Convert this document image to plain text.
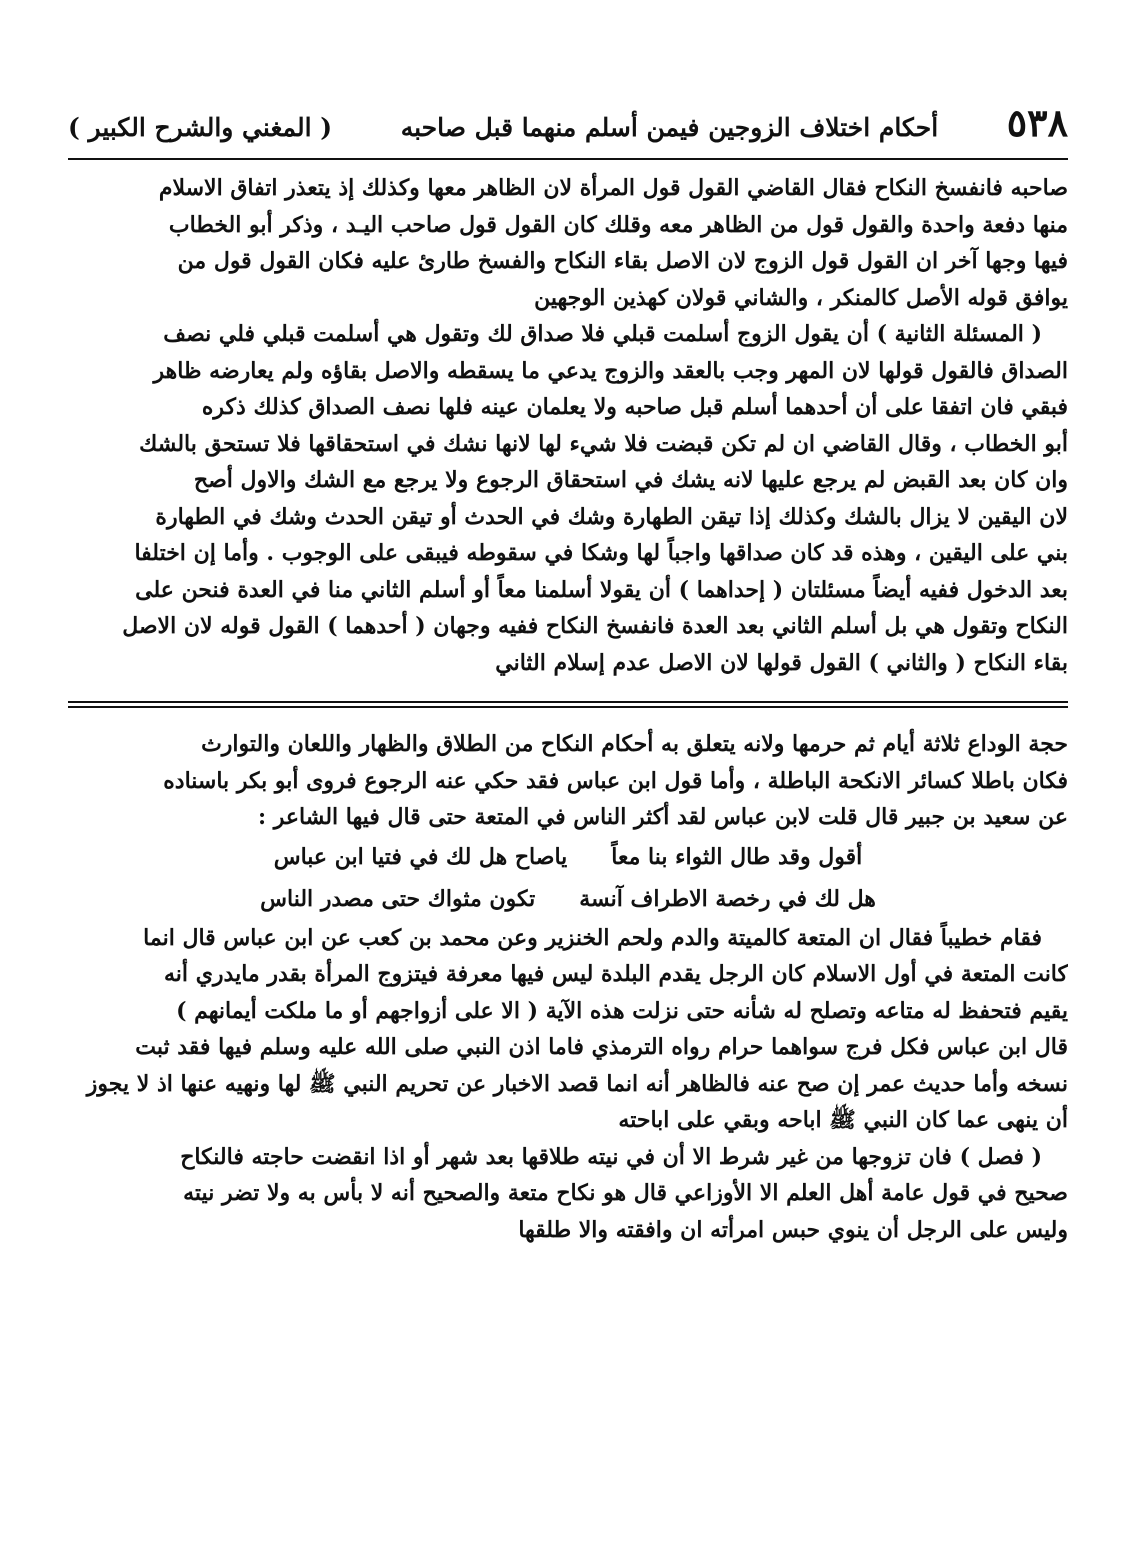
٥٣٨
أحكام اختلاف الزوجين فيمن أسلم منهما قبل صاحبه
( المغني والشرح الكبير )
صاحبه فانفسخ النكاح فقال القاضي القول قول المرأة لان الظاهر معها وكذلك إذ يتعذر اتفاق الاسلام
منها دفعة واحدة والقول قول من الظاهر معه وقلك كان القول قول صاحب اليـد ، وذكر أبو الخطاب
فيها وجها آخر ان القول قول الزوج لان الاصل بقاء النكاح والفسخ طارئ عليه فكان القول قول من
يوافق قوله الأصل كالمنكر ، والشاني قولان كهذين الوجهين
( المسئلة الثانية ) أن يقول الزوج أسلمت قبلي فلا صداق لك وتقول هي أسلمت قبلي فلي نصف
الصداق فالقول قولها لان المهر وجب بالعقد والزوج يدعي ما يسقطه والاصل بقاؤه ولم يعارضه ظاهر
فبقي فان اتفقا على أن أحدهما أسلم قبل صاحبه ولا يعلمان عينه فلها نصف الصداق كذلك ذكره
أبو الخطاب ، وقال القاضي ان لم تكن قبضت فلا شيء لها لانها نشك في استحقاقها فلا تستحق بالشك
وان كان بعد القبض لم يرجع عليها لانه يشك في استحقاق الرجوع ولا يرجع مع الشك والاول أصح
لان اليقين لا يزال بالشك وكذلك إذا تيقن الطهارة وشك في الحدث أو تيقن الحدث وشك في الطهارة
بني على اليقين ، وهذه قد كان صداقها واجباً لها وشكا في سقوطه فيبقى على الوجوب . وأما إن اختلفا
بعد الدخول ففيه أيضاً مسئلتان ( إحداهما ) أن يقولا أسلمنا معاً أو أسلم الثاني منا في العدة فنحن على
النكاح وتقول هي بل أسلم الثاني بعد العدة فانفسخ النكاح ففيه وجهان ( أحدهما ) القول قوله لان الاصل
بقاء النكاح ( والثاني ) القول قولها لان الاصل عدم إسلام الثاني
حجة الوداع ثلاثة أيام ثم حرمها ولانه يتعلق به أحكام النكاح من الطلاق والظهار واللعان والتوارث
فكان باطلا كسائر الانكحة الباطلة ، وأما قول ابن عباس فقد حكي عنه الرجوع فروى أبو بكر باسناده
عن سعيد بن جبير قال قلت لابن عباس لقد أكثر الناس في المتعة حتى قال فيها الشاعر :
أقول وقد طال الثواء بنا معاً
ياصاح هل لك في فتيا ابن عباس
هل لك في رخصة الاطراف آنسة
تكون مثواك حتى مصدر الناس
فقام خطيباً فقال ان المتعة كالميتة والدم ولحم الخنزير وعن محمد بن كعب عن ابن عباس قال انما
كانت المتعة في أول الاسلام كان الرجل يقدم البلدة ليس فيها معرفة فيتزوج المرأة بقدر مايدري أنه
يقيم فتحفظ له متاعه وتصلح له شأنه حتى نزلت هذه الآية ( الا على أزواجهم أو ما ملكت أيمانهم )
قال ابن عباس فكل فرج سواهما حرام رواه الترمذي فاما اذن النبي صلى الله عليه وسلم فيها فقد ثبت
نسخه وأما حديث عمر إن صح عنه فالظاهر أنه انما قصد الاخبار عن تحريم النبي ﷺ لها ونهيه عنها اذ لا يجوز
أن ينهى عما كان النبي ﷺ اباحه وبقي على اباحته
( فصل ) فان تزوجها من غير شرط الا أن في نيته طلاقها بعد شهر أو اذا انقضت حاجته فالنكاح
صحيح في قول عامة أهل العلم الا الأوزاعي قال هو نكاح متعة والصحيح أنه لا بأس به ولا تضر نيته
وليس على الرجل أن ينوي حبس امرأته ان وافقته والا طلقها
